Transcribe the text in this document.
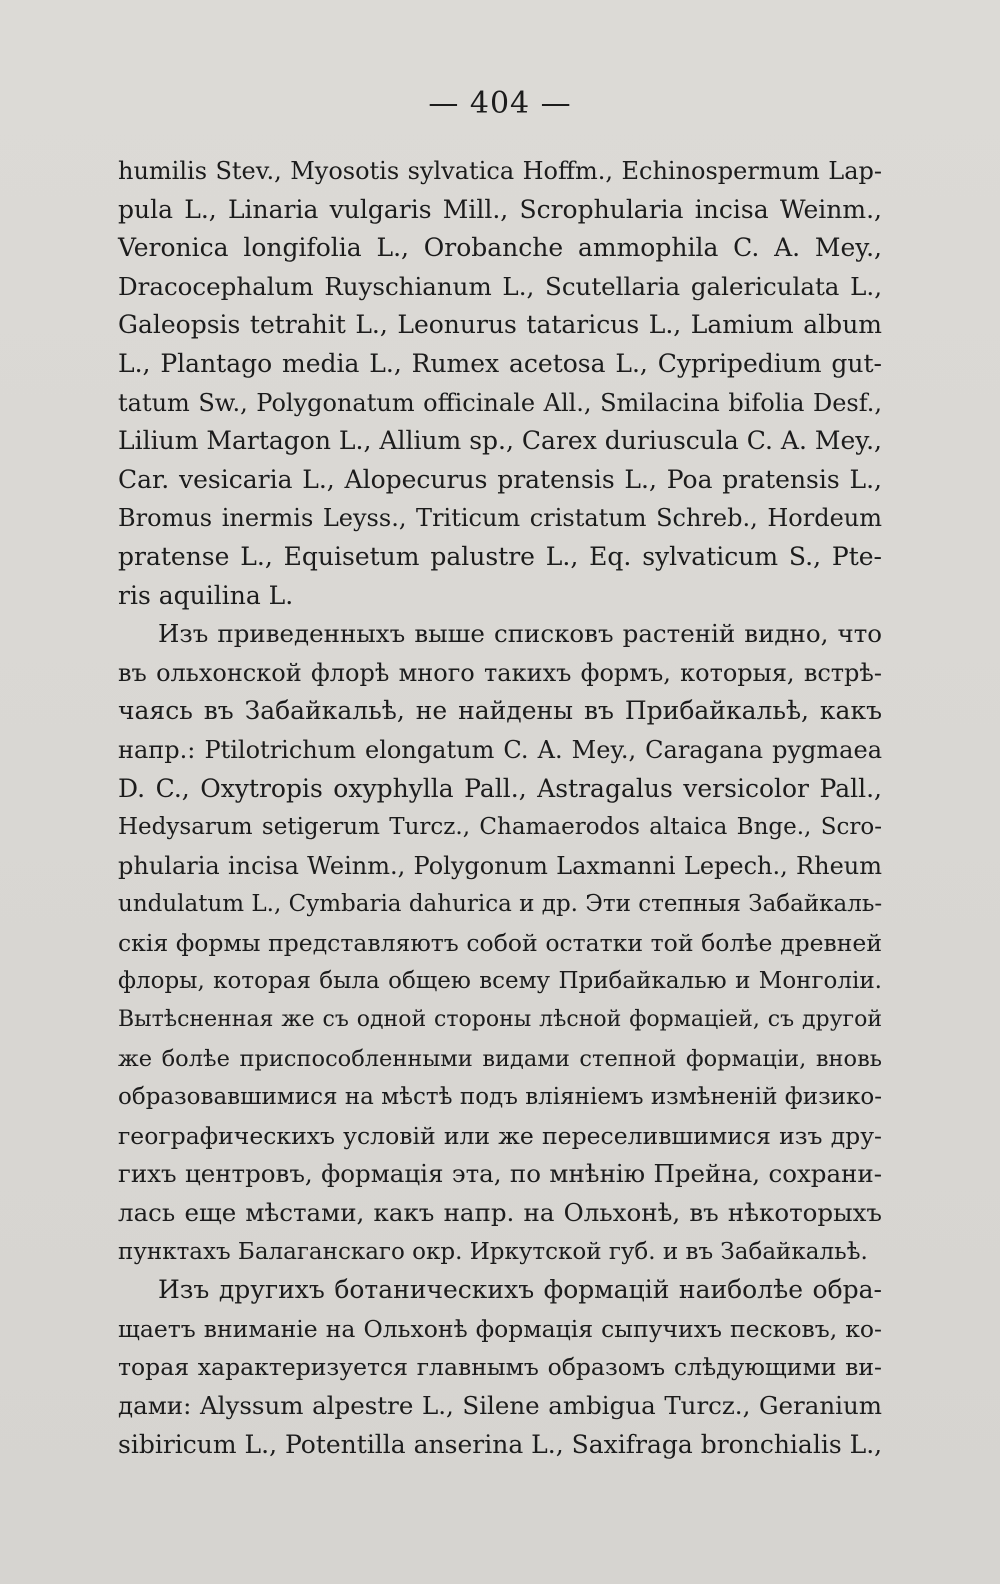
— 404 —
humilis Stev., Myosotis sylvatica Hoffm., Echinospermum Lap-
pula L., Linaria vulgaris Mill., Scrophularia incisa Weinm.,
Veronica longifolia L., Orobanche ammophila C. A. Mey.,
Dracocephalum Ruyschianum L., Scutellaria galericulata L.,
Galeopsis tetrahit L., Leonurus tataricus L., Lamium album
L., Plantago media L., Rumex acetosa L., Cypripedium gut-
tatum Sw., Polygonatum officinale All., Smilacina bifolia Desf.,
Lilium Martagon L., Allium sp., Carex duriuscula C. A. Mey.,
Car. vesicaria L., Alopecurus pratensis L., Poa pratensis L.,
Bromus inermis Leyss., Triticum cristatum Schreb., Hordeum
pratense L., Equisetum palustre L., Eq. sylvaticum S., Pte-
ris aquilina L.
Изъ приведенныхъ выше списковъ растенiй видно, что
въ ольхонской флорѣ много такихъ формъ, которыя, встрѣ-
чаясь въ Забайкальѣ, не найдены въ Прибайкальѣ, какъ
напр.: Ptilotrichum elongatum C. A. Mey., Caragana pygmaea
D. C., Oxytropis oxyphylla Pall., Astragalus versicolor Pall.,
Hedysarum setigerum Turcz., Chamaerodos altaica Bnge., Scro-
phularia incisa Weinm., Polygonum Laxmanni Lepech., Rheum
undulatum L., Cymbaria dahurica и др. Эти степныя Забайкаль-
скiя формы представляютъ собой остатки той болѣе древней
флоры, которая была общею всему Прибайкалью и Монголiи.
Вытѣсненная же съ одной стороны лѣсной формацiей, съ другой
же болѣе приспособленными видами степной формацiи, вновь
образовавшимися на мѣстѣ подъ влiянiемъ измѣненiй физико-
географическихъ условiй или же переселившимися изъ дру-
гихъ центровъ, формацiя эта, по мнѣнiю Прейна, сохрани-
лась еще мѣстами, какъ напр. на Ольхонѣ, въ нѣкоторыхъ
пунктахъ Балаганскаго окр. Иркутской губ. и въ Забайкальѣ.
Изъ другихъ ботаническихъ формацiй наиболѣе обра-
щаетъ вниманiе на Ольхонѣ формацiя сыпучихъ песковъ, ко-
торая характеризуется главнымъ образомъ слѣдующими ви-
дами: Alyssum alpestre L., Silene ambigua Turcz., Geranium
sibiricum L., Potentilla anserina L., Saxifraga bronchialis L.,
